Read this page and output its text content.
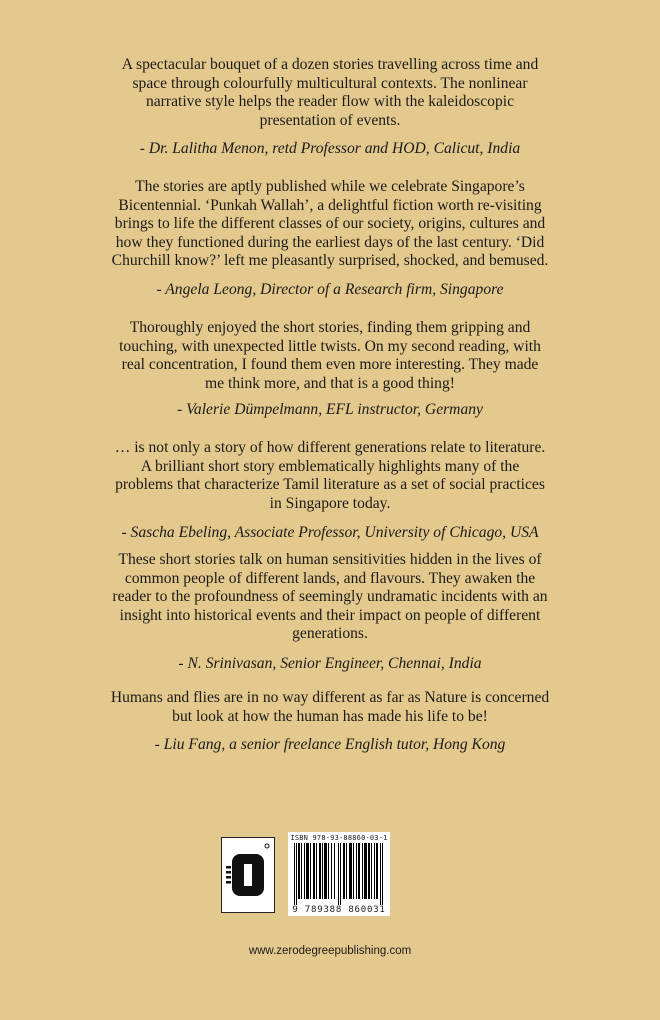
A spectacular bouquet of a dozen stories travelling across time and
space through colourfully multicultural contexts. The nonlinear
narrative style helps the reader flow with the kaleidoscopic
presentation of events.
- Dr. Lalitha Menon, retd Professor and HOD, Calicut, India
The stories are aptly published while we celebrate Singapore’s
Bicentennial. ‘Punkah Wallah’, a delightful fiction worth re-visiting
brings to life the different classes of our society, origins, cultures and
how they functioned during the earliest days of the last century. ‘Did
Churchill know?’ left me pleasantly surprised, shocked, and bemused.
- Angela Leong, Director of a Research firm, Singapore
Thoroughly enjoyed the short stories, finding them gripping and
touching, with unexpected little twists. On my second reading, with
real concentration, I found them even more interesting. They made
me think more, and that is a good thing!
- Valerie Dümpelmann, EFL instructor, Germany
… is not only a story of how different generations relate to literature.
A brilliant short story emblematically highlights many of the
problems that characterize Tamil literature as a set of social practices
in Singapore today.
- Sascha Ebeling, Associate Professor, University of Chicago, USA
These short stories talk on human sensitivities hidden in the lives of
common people of different lands, and flavours. They awaken the
reader to the profoundness of seemingly undramatic incidents with an
insight into historical events and their impact on people of different
generations.
- N. Srinivasan, Senior Engineer, Chennai, India
Humans and flies are in no way different as far as Nature is concerned
but look at how the human has made his life to be!
- Liu Fang, a senior freelance English tutor, Hong Kong
ISBN 978-93-88860-03-1
9 789388 860031
www.zerodegreepublishing.com
